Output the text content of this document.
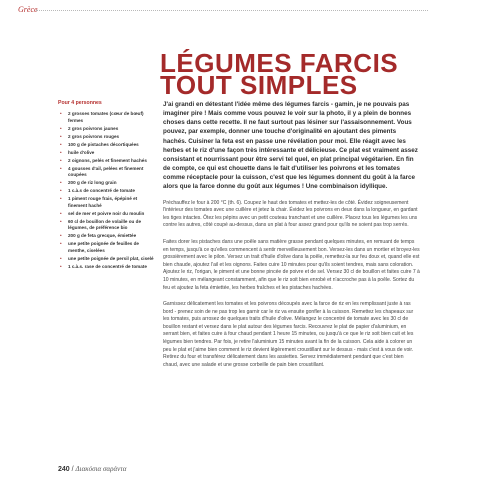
Grèce
LÉGUMES FARCIS
TOUT SIMPLES
Pour 4 personnes
• 2 grosses tomates (cœur de bœuf) fermes
• 2 gros poivrons jaunes
• 2 gros poivrons rouges
• 100 g de pistaches décortiquées
• huile d'olive
• 2 oignons, pelés et finement hachés
• 4 gousses d'ail, pelées et finement coupées
• 200 g de riz long grain
• 1 c.à.s de concentré de tomate
• 1 piment rouge frais, épépiné et finement haché
• sel de mer et poivre noir du moulin
• 60 cl de bouillon de volaille ou de légumes, de préférence bio
• 200 g de feta grecque, émiettée
• une petite poignée de feuilles de menthe, ciselées
• une petite poignée de persil plat, ciselé
• 1 c.à.s. rase de concentré de tomate

J'ai grandi en détestant l'idée même des légumes farcis - gamin, je ne pouvais pas imaginer pire ! Mais comme vous pouvez le voir sur la photo, il y a plein de bonnes choses dans cette recette. Il ne faut surtout pas lésiner sur l'assaisonnement. Vous pouvez, par exemple, donner une touche d'originalité en ajoutant des piments hachés. Cuisiner la feta est en passe une révélation pour moi. Elle réagit avec les herbes et le riz d'une façon très intéressante et délicieuse. Ce plat est vraiment assez consistant et nourrissant pour être servi tel quel, en plat principal végétarien. En fin de compte, ce qui est chouette dans le fait d'utiliser les poivrons et les tomates comme réceptacle pour la cuisson, c'est que les légumes donnent du goût à la farce alors que la farce donne du goût aux légumes ! Une combinaison idyllique.

Préchauffez le four à 200 °C (th. 6). Coupez le haut des tomates et mettez-les de côté. Évidez soigneusement l'intérieur des tomates avec une cuillère et jetez la chair. Évidez les poivrons en deux dans la longueur, en gardant les tiges intactes. Ôtez les pépins avec un petit couteau tranchant et une cuillère. Placez tous les légumes les uns contre les autres, côté coupé au-dessus, dans un plat à four assez grand pour qu'ils ne soient pas trop serrés.

Faites dorer les pistaches dans une poêle sans matière grasse pendant quelques minutes, en remuant de temps en temps, jusqu'à ce qu'elles commencent à sentir merveilleusement bon. Versez-les dans un mortier et broyez-les grossièrement avec le pilon. Versez un trait d'huile d'olive dans la poêle, remettez-la sur feu doux et, quand elle est bien chaude, ajoutez l'ail et les oignons. Faites cuire 10 minutes pour qu'ils soient tendres, mais sans coloration. Ajoutez le riz, l'origan, le piment et une bonne pincée de poivre et de sel. Versez 30 cl de bouillon et faites cuire 7 à 10 minutes, en mélangeant constamment, afin que le riz soit bien enrobé et n'accroche pas à la poêle. Sortez du feu et ajoutez la feta émiettée, les herbes fraîches et les pistaches hachées.

Garnissez délicatement les tomates et les poivrons découpés avec la farce de riz en les remplissant juste à ras bord - prenez soin de ne pas trop les garnir car le riz va ensuite gonfler à la cuisson. Remettez les chapeaux sur les tomates, puis arrosez de quelques traits d'huile d'olive. Mélangez le concentré de tomate avec les 30 cl de bouillon restant et versez dans le plat autour des légumes farcis. Recouvrez le plat de papier d'aluminium, en serrant bien, et faites cuire à four chaud pendant 1 heure 15 minutes, ou jusqu'à ce que le riz soit bien cuit et les légumes bien tendres. Par fois, je retire l'aluminium 15 minutes avant la fin de la cuisson. Cela aide à colorer un peu le plat et j'aime bien comment le riz devient légèrement croustillant sur le dessus - mais c'est à vous de voir. Retirez du four et transférez délicatement dans les assiettes. Servez immédiatement pendant que c'est bien chaud, avec une salade et une grosse corbeille de pain bien croustillant.

240 / Διακόσια σαράντα
